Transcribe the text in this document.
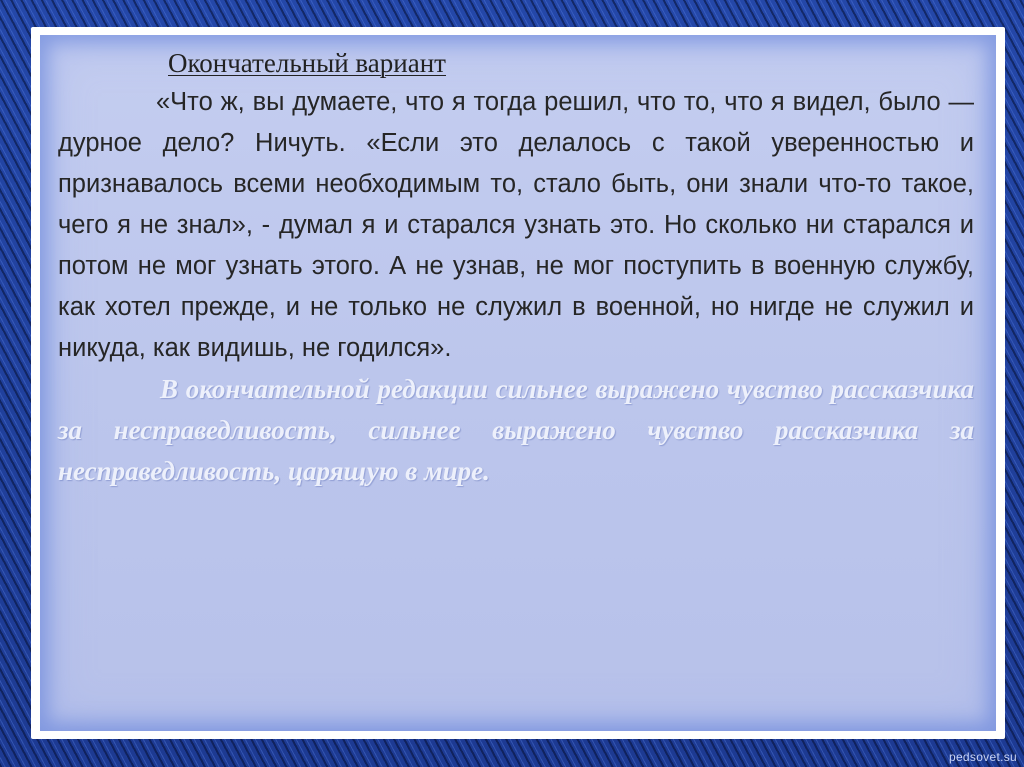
Окончательный вариант

«Что ж, вы думаете, что я тогда решил, что то, что я видел, было — дурное дело? Ничуть. «Если это делалось с такой уверенностью и признавалось всеми необходимым то, стало быть, они знали что-то такое, чего я не знал», - думал я и старался узнать это. Но сколько ни старался и потом не мог узнать этого. А не узнав, не мог поступить в военную службу, как хотел прежде, и не только не служил в военной, но нигде не служил и никуда, как видишь, не годился».

В окончательной редакции сильнее выражено чувство рассказчика за несправедливость, сильнее выражено чувство рассказчика за несправедливость, царящую в мире.

pedsovet.su
